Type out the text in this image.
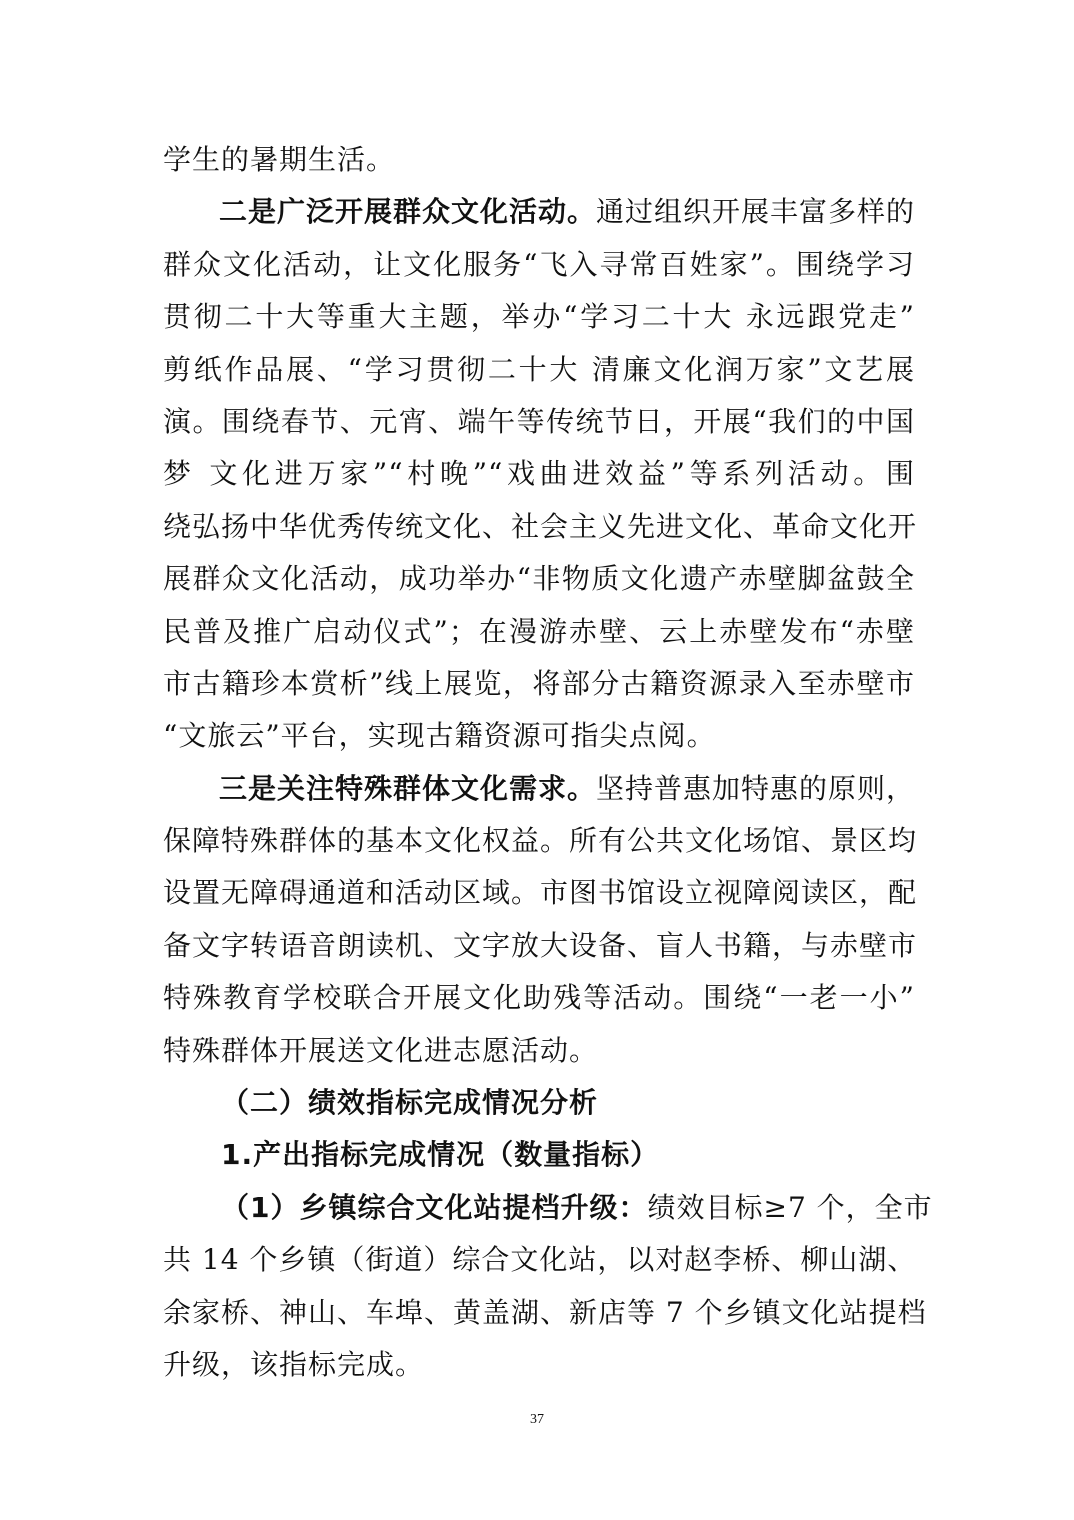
学生的暑期生活。
二是广泛开展群众文化活动。通过组织开展丰富多样的
群众文化活动，让文化服务“飞入寻常百姓家”。围绕学习
贯彻二十大等重大主题，举办“学习二十大 永远跟党走”
剪纸作品展、“学习贯彻二十大 清廉文化润万家”文艺展
演。围绕春节、元宵、端午等传统节日，开展“我们的中国
梦 文化进万家”“村晚”“戏曲进效益”等系列活动。围
绕弘扬中华优秀传统文化、社会主义先进文化、革命文化开
展群众文化活动，成功举办“非物质文化遗产赤壁脚盆鼓全
民普及推广启动仪式”；在漫游赤壁、云上赤壁发布“赤壁
市古籍珍本赏析”线上展览，将部分古籍资源录入至赤壁市
“文旅云”平台，实现古籍资源可指尖点阅。
三是关注特殊群体文化需求。坚持普惠加特惠的原则，
保障特殊群体的基本文化权益。所有公共文化场馆、景区均
设置无障碍通道和活动区域。市图书馆设立视障阅读区，配
备文字转语音朗读机、文字放大设备、盲人书籍，与赤壁市
特殊教育学校联合开展文化助残等活动。围绕“一老一小”
特殊群体开展送文化进志愿活动。
（二）绩效指标完成情况分析
1.产出指标完成情况（数量指标）
（1）乡镇综合文化站提档升级：绩效目标≥7 个，全市
共 14 个乡镇（街道）综合文化站，以对赵李桥、柳山湖、
余家桥、神山、车埠、黄盖湖、新店等 7 个乡镇文化站提档
升级，该指标完成。
37
